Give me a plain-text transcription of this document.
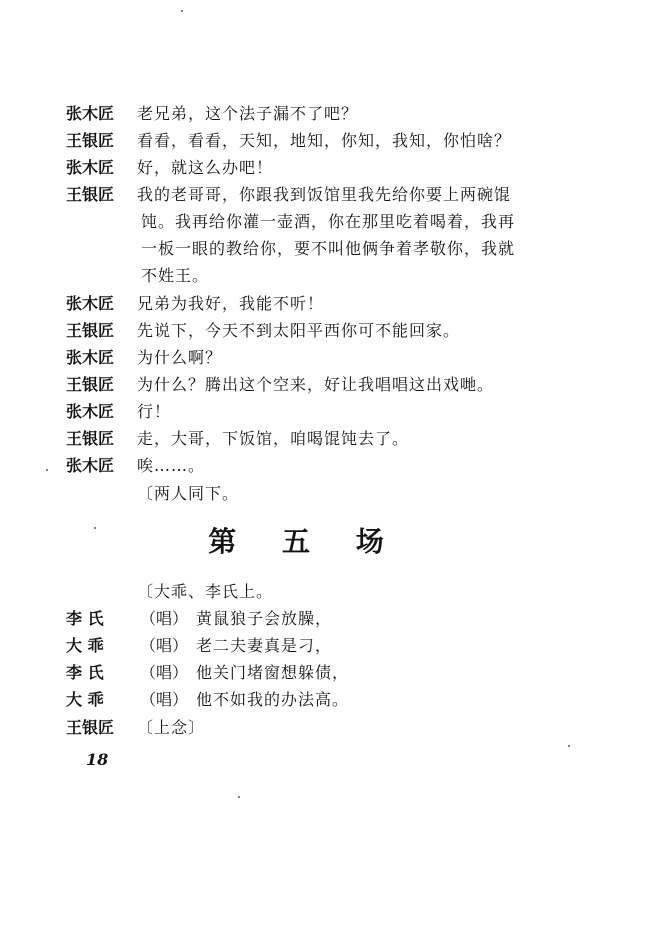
张木匠	老兄弟，这个法子漏不了吧？
王银匠	看看，看看，天知，地知，你知，我知，你怕啥？
张木匠	好，就这么办吧！
王银匠	我的老哥哥，你跟我到饭馆里我先给你要上两碗馄
饨。我再给你灌一壶酒，你在那里吃着喝着，我再
一板一眼的教给你，要不叫他俩争着孝敬你，我就
不姓王。
张木匠	兄弟为我好，我能不听！
王银匠	先说下，今天不到太阳平西你可不能回家。
张木匠	为什么啊？
王银匠	为什么？腾出这个空来，好让我唱唱这出戏哋。
张木匠	行！
王银匠	走，大哥，下饭馆，咱喝馄饨去了。
张木匠	唉……。
〔两人同下。
第 五 场
〔大乖、李氏上。
李 氏	（唱） 黄鼠狼子会放臊，
大 乖	（唱） 老二夫妻真是刁，
李 氏	（唱） 他关门堵窗想躲债，
大 乖	（唱） 他不如我的办法高。
王银匠	〔上念〕
18
